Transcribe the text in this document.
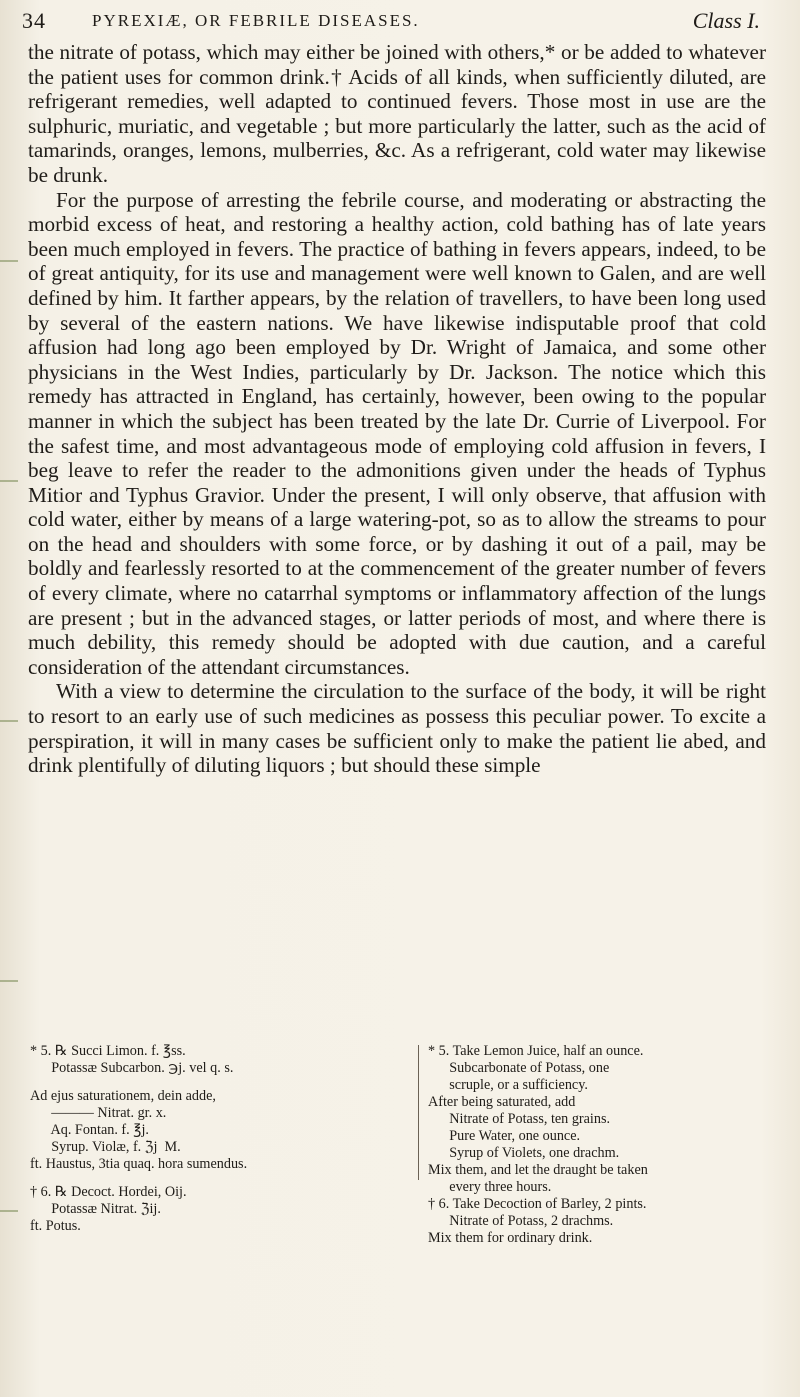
34	PYREXIÆ, OR FEBRILE DISEASES.	Class I.

the nitrate of potass, which may either be joined with others,* or be added to whatever the patient uses for common drink.† Acids of all kinds, when sufficiently diluted, are refrigerant remedies, well adapted to continued fevers. Those most in use are the sulphuric, muriatic, and vegetable ; but more particularly the latter, such as the acid of tamarinds, oranges, lemons, mulberries, &c. As a refrigerant, cold water may likewise be drunk.

For the purpose of arresting the febrile course, and moderating or abstracting the morbid excess of heat, and restoring a healthy action, cold bathing has of late years been much employed in fevers. The practice of bathing in fevers appears, indeed, to be of great antiquity, for its use and management were well known to Galen, and are well defined by him. It farther appears, by the relation of travellers, to have been long used by several of the eastern nations. We have likewise indisputable proof that cold affusion had long ago been employed by Dr. Wright of Jamaica, and some other physicians in the West Indies, particularly by Dr. Jackson. The notice which this remedy has attracted in England, has certainly, however, been owing to the popular manner in which the subject has been treated by the late Dr. Currie of Liverpool. For the safest time, and most advantageous mode of employing cold affusion in fevers, I beg leave to refer the reader to the admonitions given under the heads of Typhus Mitior and Typhus Gravior. Under the present, I will only observe, that affusion with cold water, either by means of a large watering-pot, so as to allow the streams to pour on the head and shoulders with some force, or by dashing it out of a pail, may be boldly and fearlessly resorted to at the commencement of the greater number of fevers of every climate, where no catarrhal symptoms or inflammatory affection of the lungs are present ; but in the advanced stages, or latter periods of most, and where there is much debility, this remedy should be adopted with due caution, and a careful consideration of the attendant circumstances.

With a view to determine the circulation to the surface of the body, it will be right to resort to an early use of such medicines as possess this peculiar power. To excite a perspiration, it will in many cases be sufficient only to make the patient lie abed, and drink plentifully of diluting liquors ; but should these simple

* 5. ℞ Succi Limon. f. ℥ss.
Potassæ Subcarbon. ℈j. vel q. s.
Ad ejus saturationem, dein adde,
——— Nitrat. gr. x.
Aq. Fontan. f. ℥j.
Syrup. Violæ, f. ℨj  M.
ft. Haustus, 3tia quaq. hora sumendus.
† 6. ℞ Decoct. Hordei, Oij.
Potassæ Nitrat. ℨij.
ft. Potus.
* 5. Take Lemon Juice, half an ounce.
Subcarbonate of Potass, one
scruple, or a sufficiency.
After being saturated, add
Nitrate of Potass, ten grains.
Pure Water, one ounce.
Syrup of Violets, one drachm.
Mix them, and let the draught be taken
every three hours.
† 6. Take Decoction of Barley, 2 pints.
Nitrate of Potass, 2 drachms.
Mix them for ordinary drink.
